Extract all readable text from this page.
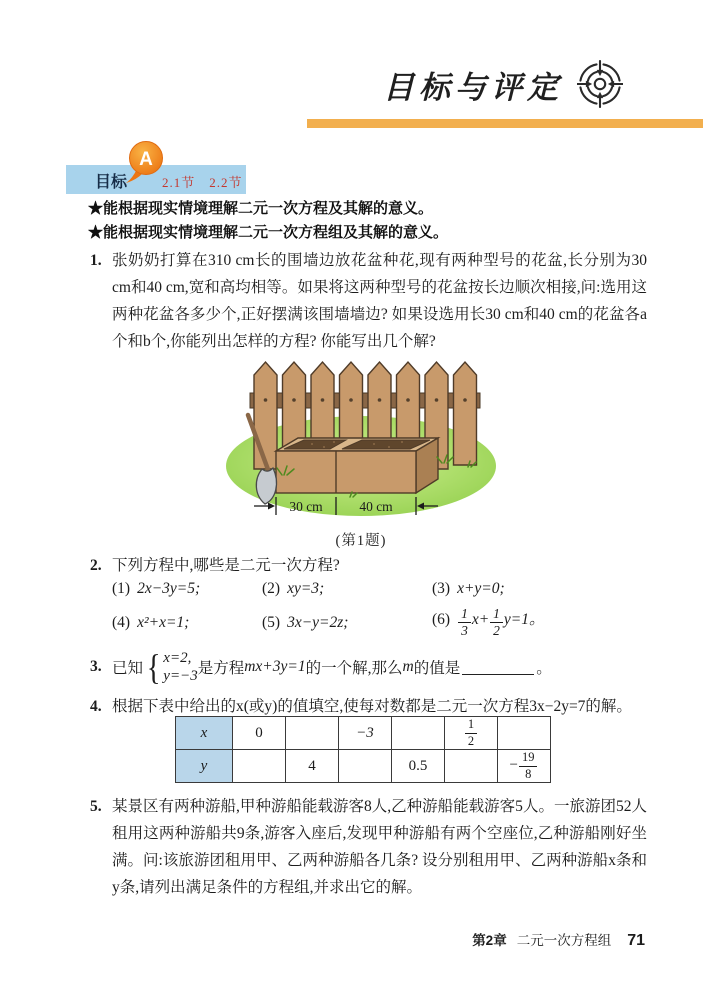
目标与评定
目标	2.1节　2.2节
A
★能根据现实情境理解二元一次方程及其解的意义。
★能根据现实情境理解二元一次方程组及其解的意义。
1. 张奶奶打算在310 cm长的围墙边放花盆种花,现有两种型号的花盆,长分别为30 cm和40 cm,宽和高均相等。如果将这两种型号的花盆按长边顺次相接,问:选用这两种花盆各多少个,正好摆满该围墙墙边? 如果设选用长30 cm和40 cm的花盆各a个和b个,你能列出怎样的方程? 你能写出几个解?
30 cm	40 cm
(第1题)
2. 下列方程中,哪些是二元一次方程?
(1) 2x−3y=5;	(2) xy=3;	(3) x+y=0;
(4) x²+x=1;	(5) 3x−y=2z;	$(6) \frac{1}{3} x+ \frac{1}{2} y=1$。
3. 已知 { x=2,
y=−3 是方程 mx+3y=1 的一个解,那么 m 的值是	。
4. 根据下表中给出的x(或y)的值填空,使每对数都是二元一次方程3x−2y=7的解。
x	0		−3		$\frac{1}{2}$

y		4		0.5		− $\frac{19}{8}$
5. 某景区有两种游船,甲种游船能载游客8人,乙种游船能载游客5人。一旅游团52人租用这两种游船共9条,游客入座后,发现甲种游船有两个空座位,乙种游船刚好坐满。问:该旅游团租用甲、乙两种游船各几条? 设分别租用甲、乙两种游船x条和y条,请列出满足条件的方程组,并求出它的解。
第2章 二元一次方程组 71
